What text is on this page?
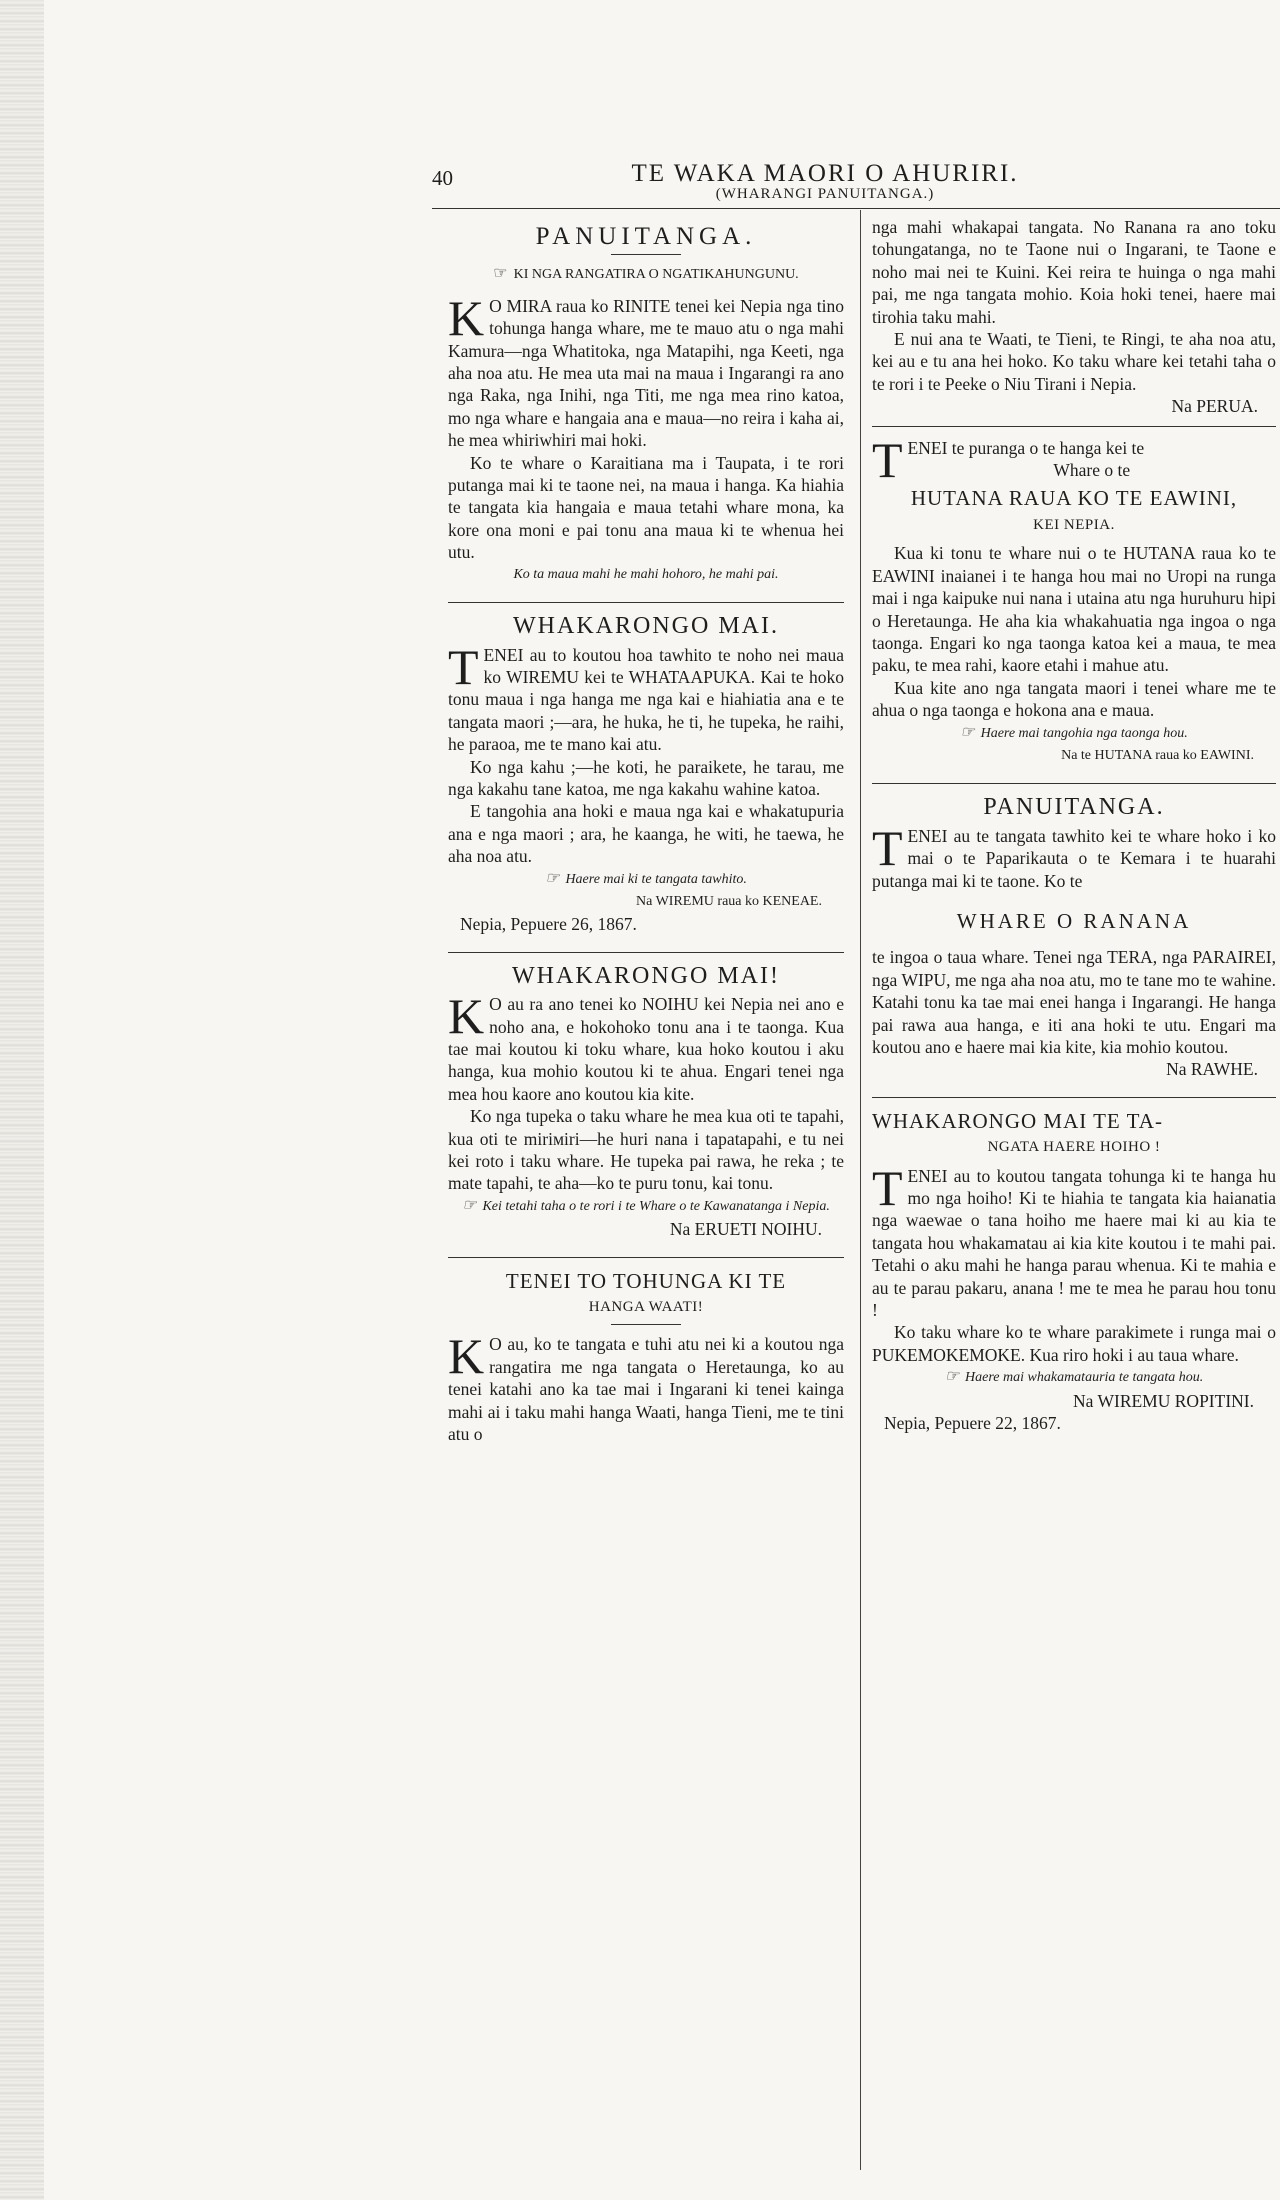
40	TE WAKA MAORI O AHURIRI.
(WHARANGI PANUITANGA.)
PANUITANGA.

☞ KI NGA RANGATIRA O NGATIKAHUNGUNU.

K O MIRA raua ko RINITE tenei kei Nepia nga tino tohunga hanga whare, me te mauo atu o nga mahi Kamura—nga Whatitoka, nga Matapihi, nga Keeti, nga aha noa atu. He mea uta mai na maua i Ingarangi ra ano nga Raka, nga Inihi, nga Titi, me nga mea rino katoa, mo nga whare e hangaia ana e maua—no reira i kaha ai, he mea whiriwhiri mai hoki.

Ko te whare o Karaitiana ma i Taupata, i te rori putanga mai ki te taone nei, na maua i hanga. Ka hiahia te tangata kia hangaia e maua tetahi whare mona, ka kore ona moni e pai tonu ana maua ki te whenua hei utu.

Ko ta maua mahi he mahi hohoro, he mahi pai.

WHAKARONGO MAI.

TENEI au to koutou hoa tawhito te noho nei maua ko WIREMU kei te WHATAAPUKA. Kai te hoko tonu maua i nga hanga me nga kai e hiahiatia ana e te tangata maori ;—ara, he huka, he ti, he tupeka, he raihi, he paraoa, me te mano kai atu.

Ko nga kahu ;—he koti, he paraikete, he tarau, me nga kakahu tane katoa, me nga kakahu wahine katoa.

E tangohia ana hoki e maua nga kai e whakatupuria ana e nga maori ; ara, he kaanga, he witi, he taewa, he aha noa atu.

☞ Haere mai ki te tangata tawhito.

Na WIREMU raua ko KENEAE.

Nepia, Pepuere 26, 1867.

WHAKARONGO MAI!

K O au ra ano tenei ko NOIHU kei Nepia nei ano e noho ana, e hokohoko tonu ana i te taonga. Kua tae mai koutou ki toku whare, kua hoko koutou i aku hanga, kua mohio koutou ki te ahua. Engari tenei nga mea hou kaore ano koutou kia kite.

Ko nga tupeka o taku whare he mea kua oti te tapahi, kua oti te miriміri—he huri nana i tapatapahi, e tu nei kei roto i taku whare. He tupeka pai rawa, he reka ; te mate tapahi, te aha—ko te puru tonu, kai tonu.

☞ Kei tetahi taha o te rori i te Whare o te Kawanatanga i Nepia.

Na ERUETI NOIHU.

TENEI TO TOHUNGA KI TE
HANGA WAATI!

K O au, ko te tangata e tuhi atu nei ki a koutou nga rangatira me nga tangata o Heretaunga, ko au tenei katahi ano ka tae mai i Ingarani ki tenei kainga mahi ai i taku mahi hanga Waati, hanga Tieni, me te tini atu o

nga mahi whakapai tangata. No Ranana ra ano toku tohungatanga, no te Taone nui o Ingarani, te Taone e noho mai nei te Kuini. Kei reira te huinga o nga mahi pai, me nga tangata mohio. Koia hoki tenei, haere mai tirohia taku mahi.

E nui ana te Waati, te Tieni, te Ringi, te aha noa atu, kei au e tu ana hei hoko. Ko taku whare kei tetahi taha o te rori i te Peeke o Niu Tirani i Nepia.

Na PERUA.

TENEI te puranga o te hanga kei te

Whare o te

HUTANA RAUA KO TE EAWINI,
KEI NEPIA.

Kua ki tonu te whare nui o te HUTANA raua ko te EAWINI inaianei i te hanga hou mai no Uropi na runga mai i nga kaipuke nui nana i utaina atu nga huruhuru hipi o Heretaunga. He aha kia whakahuatia nga ingoa o nga taonga. Engari ko nga taonga katoa kei a maua, te mea paku, te mea rahi, kaore etahi i mahue atu.

Kua kite ano nga tangata maori i tenei whare me te ahua o nga taonga e hokona ana e maua.

☞ Haere mai tangohia nga taonga hou.

Na te HUTANA raua ko EAWINI.

PANUITANGA.

TENEI au te tangata tawhito kei te whare hoko i ko mai o te Paparikauta o te Kemara i te huarahi putanga mai ki te taone. Ko te

WHARE O RANANA

te ingoa o taua whare. Tenei nga TERA, nga PARAIREI, nga WIPU, me nga aha noa atu, mo te tane mo te wahine. Katahi tonu ka tae mai enei hanga i Ingarangi. He hanga pai rawa aua hanga, e iti ana hoki te utu. Engari ma koutou ano e haere mai kia kite, kia mohio koutou.

Na RAWHE.

WHAKARONGO MAI TE TA-
NGATA HAERE HOIHO !

TENEI au to koutou tangata tohunga ki te hanga hu mo nga hoiho! Ki te hiahia te tangata kia haianatia nga waewae o tana hoiho me haere mai ki au kia te tangata hou whakamatau ai kia kite koutou i te mahi pai. Tetahi o aku mahi he hanga parau whenua. Ki te mahia e au te parau pakaru, anana ! me te mea he parau hou tonu !

Ko taku whare ko te whare parakimete i runga mai o PUKEMOKEMOKE. Kua riro hoki i au taua whare.

☞ Haere mai whakamatauria te tangata hou.

Na WIREMU ROPITINI.

Nepia, Pepuere 22, 1867.
